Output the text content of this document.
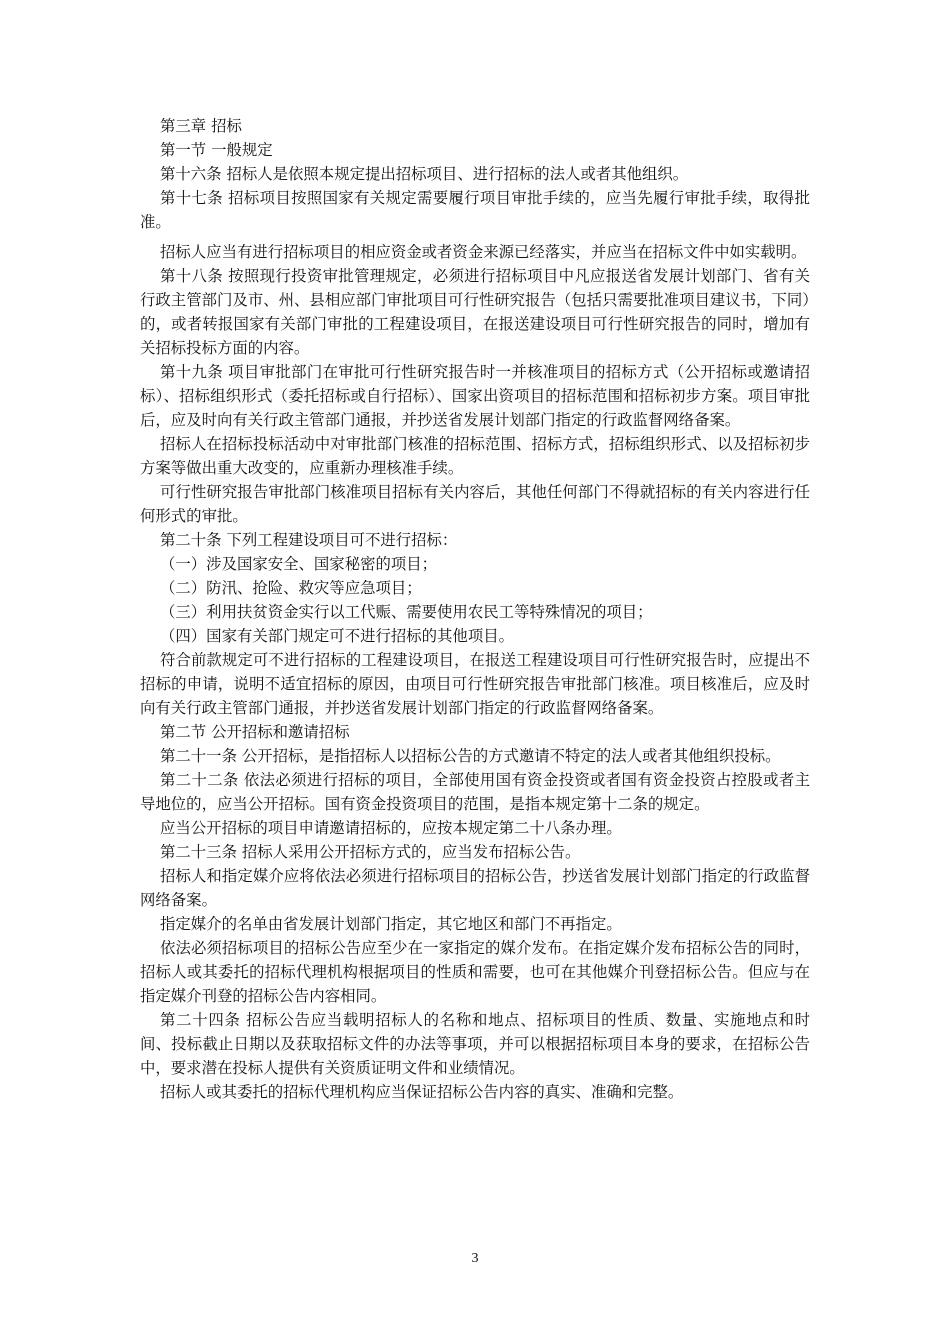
第三章 招标

第一节 一般规定

第十六条 招标人是依照本规定提出招标项目、进行招标的法人或者其他组织。

第十七条 招标项目按照国家有关规定需要履行项目审批手续的，应当先履行审批手续，取得批准。

招标人应当有进行招标项目的相应资金或者资金来源已经落实，并应当在招标文件中如实载明。

第十八条 按照现行投资审批管理规定，必须进行招标项目中凡应报送省发展计划部门、省有关行政主管部门及市、州、县相应部门审批项目可行性研究报告（包括只需要批准项目建议书，下同）的，或者转报国家有关部门审批的工程建设项目，在报送建设项目可行性研究报告的同时，增加有关招标投标方面的内容。

第十九条 项目审批部门在审批可行性研究报告时一并核准项目的招标方式（公开招标或邀请招标）、招标组织形式（委托招标或自行招标）、国家出资项目的招标范围和招标初步方案。项目审批后，应及时向有关行政主管部门通报，并抄送省发展计划部门指定的行政监督网络备案。

招标人在招标投标活动中对审批部门核准的招标范围、招标方式，招标组织形式、以及招标初步方案等做出重大改变的，应重新办理核准手续。

可行性研究报告审批部门核准项目招标有关内容后，其他任何部门不得就招标的有关内容进行任何形式的审批。

第二十条 下列工程建设项目可不进行招标：

（一）涉及国家安全、国家秘密的项目；

（二）防汛、抢险、救灾等应急项目；

（三）利用扶贫资金实行以工代赈、需要使用农民工等特殊情况的项目；

（四）国家有关部门规定可不进行招标的其他项目。

符合前款规定可不进行招标的工程建设项目，在报送工程建设项目可行性研究报告时，应提出不招标的申请，说明不适宜招标的原因，由项目可行性研究报告审批部门核准。项目核准后，应及时向有关行政主管部门通报，并抄送省发展计划部门指定的行政监督网络备案。

第二节 公开招标和邀请招标

第二十一条 公开招标，是指招标人以招标公告的方式邀请不特定的法人或者其他组织投标。

第二十二条 依法必须进行招标的项目，全部使用国有资金投资或者国有资金投资占控股或者主导地位的，应当公开招标。国有资金投资项目的范围，是指本规定第十二条的规定。

应当公开招标的项目申请邀请招标的，应按本规定第二十八条办理。

第二十三条 招标人采用公开招标方式的，应当发布招标公告。

招标人和指定媒介应将依法必须进行招标项目的招标公告，抄送省发展计划部门指定的行政监督网络备案。

指定媒介的名单由省发展计划部门指定，其它地区和部门不再指定。

依法必须招标项目的招标公告应至少在一家指定的媒介发布。在指定媒介发布招标公告的同时，招标人或其委托的招标代理机构根据项目的性质和需要，也可在其他媒介刊登招标公告。但应与在指定媒介刊登的招标公告内容相同。

第二十四条 招标公告应当载明招标人的名称和地点、招标项目的性质、数量、实施地点和时间、投标截止日期以及获取招标文件的办法等事项，并可以根据招标项目本身的要求，在招标公告中，要求潜在投标人提供有关资质证明文件和业绩情况。

招标人或其委托的招标代理机构应当保证招标公告内容的真实、准确和完整。

3
